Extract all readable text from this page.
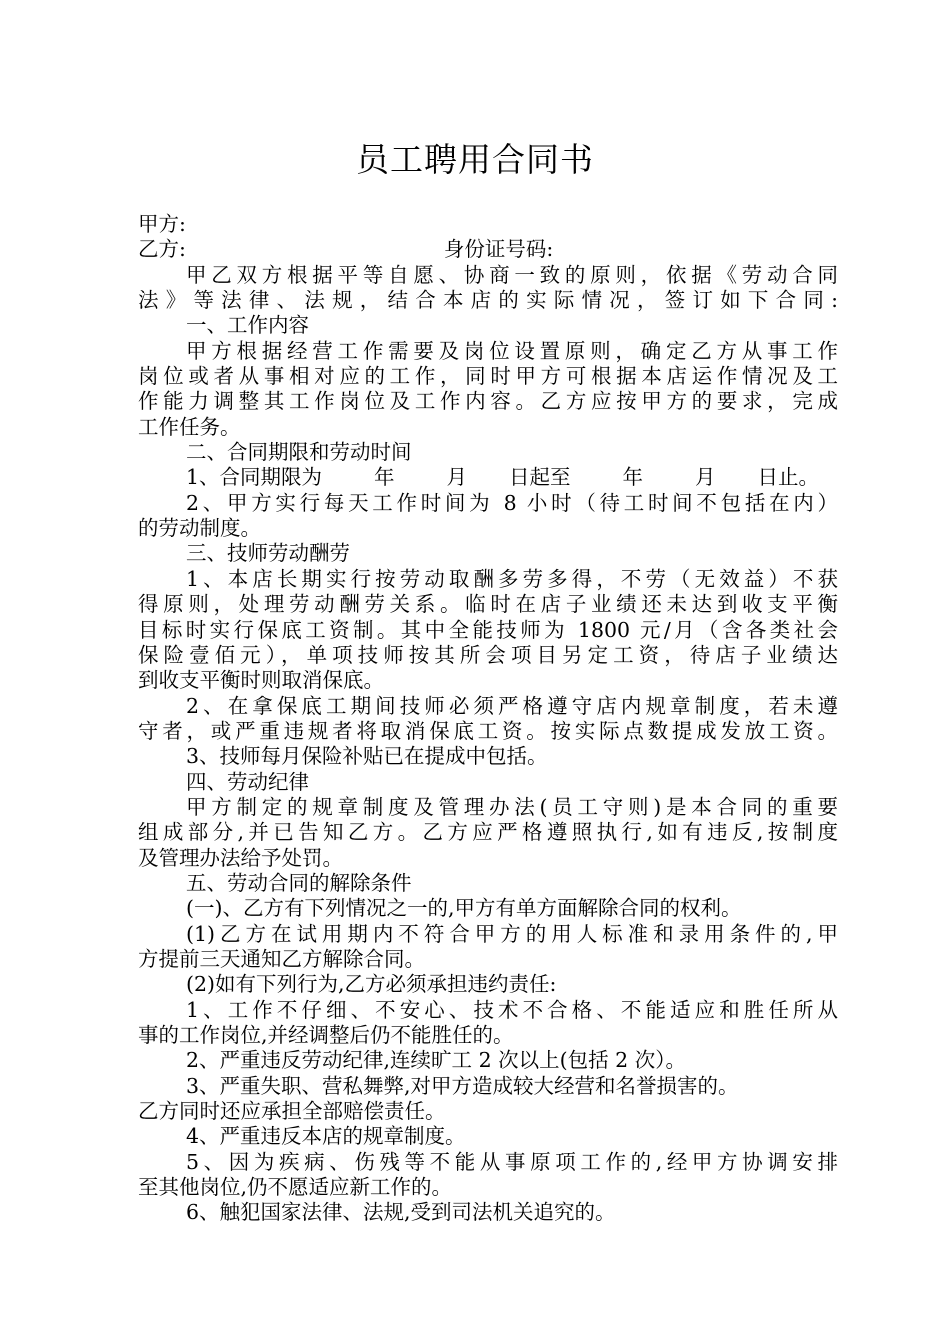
员工聘用合同书
甲方:
乙方:	身份证号码:
甲乙双方根据平等自愿、协商一致的原则，依据《劳动合同
法》等法律、法规，结合本店的实际情况，签订如下合同:
一、工作内容
甲方根据经营工作需要及岗位设置原则，确定乙方从事工作
岗位或者从事相对应的工作，同时甲方可根据本店运作情况及工
作能力调整其工作岗位及工作内容。乙方应按甲方的要求，完成
工作任务。
二、合同期限和劳动时间
1、合同期限为	年	月 日起至	年	月 日止。
2、甲方实行每天工作时间为 8 小时（待工时间不包括在内）
的劳动制度。
三、技师劳动酬劳
1、本店长期实行按劳动取酬多劳多得，不劳（无效益）不获
得原则，处理劳动酬劳关系。临时在店子业绩还未达到收支平衡
目标时实行保底工资制。其中全能技师为 1800 元/月（含各类社会
保险壹佰元），单项技师按其所会项目另定工资，待店子业绩达
到收支平衡时则取消保底。
2、在拿保底工期间技师必须严格遵守店内规章制度，若未遵
守者，或严重违规者将取消保底工资。按实际点数提成发放工资。
3、技师每月保险补贴已在提成中包括。
四、劳动纪律
甲方制定的规章制度及管理办法(员工守则)是本合同的重要
组成部分,并已告知乙方。乙方应严格遵照执行,如有违反,按制度
及管理办法给予处罚。
五、劳动合同的解除条件
(一)、乙方有下列情况之一的,甲方有单方面解除合同的权利。
(1)乙方在试用期内不符合甲方的用人标准和录用条件的,甲
方提前三天通知乙方解除合同。
(2)如有下列行为,乙方必须承担违约责任:
1、工作不仔细、不安心、技术不合格、不能适应和胜任所从
事的工作岗位,并经调整后仍不能胜任的。
2、严重违反劳动纪律,连续旷工 2 次以上(包括 2 次）。
3、严重失职、营私舞弊,对甲方造成较大经营和名誉损害的。
乙方同时还应承担全部赔偿责任。
4、严重违反本店的规章制度。
5、因为疾病、伤残等不能从事原项工作的,经甲方协调安排
至其他岗位,仍不愿适应新工作的。
6、触犯国家法律、法规,受到司法机关追究的。
